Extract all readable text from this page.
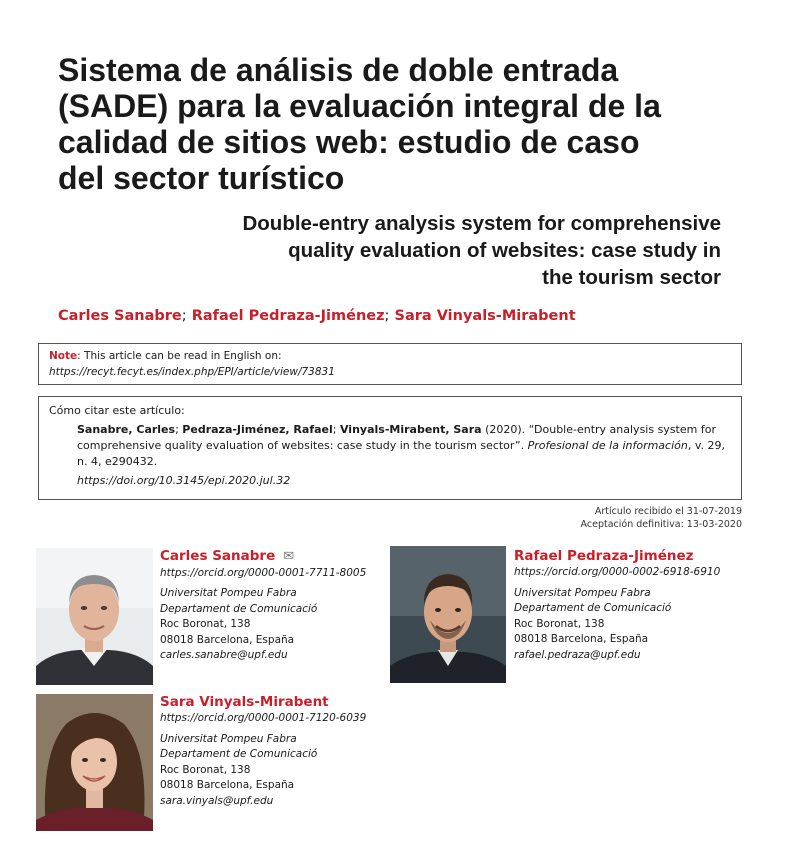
Sistema de análisis de doble entrada
(SADE) para la evaluación integral de la
calidad de sitios web: estudio de caso
del sector turístico
Double-entry analysis system for comprehensive
quality evaluation of websites: case study in
the tourism sector
Carles Sanabre; Rafael Pedraza-Jiménez; Sara Vinyals-Mirabent
Note: This article can be read in English on:
https://recyt.fecyt.es/index.php/EPI/article/view/73831
Cómo citar este artículo:
Sanabre, Carles; Pedraza-Jiménez, Rafael; Vinyals-Mirabent, Sara (2020). “Double-entry analysis system for comprehensive quality evaluation of websites: case study in the tourism sector”. Profesional de la información, v. 29, n. 4, e290432.
https://doi.org/10.3145/epi.2020.jul.32
Artículo recibido el 31-07-2019
Aceptación definitiva: 13-03-2020
Carles Sanabre ✉
https://orcid.org/0000-0001-7711-8005
Universitat Pompeu Fabra
Departament de Comunicació
Roc Boronat, 138
08018 Barcelona, España
carles.sanabre@upf.edu
Rafael Pedraza-Jiménez
https://orcid.org/0000-0002-6918-6910
Universitat Pompeu Fabra
Departament de Comunicació
Roc Boronat, 138
08018 Barcelona, España
rafael.pedraza@upf.edu
Sara Vinyals-Mirabent
https://orcid.org/0000-0001-7120-6039
Universitat Pompeu Fabra
Departament de Comunicació
Roc Boronat, 138
08018 Barcelona, España
sara.vinyals@upf.edu
